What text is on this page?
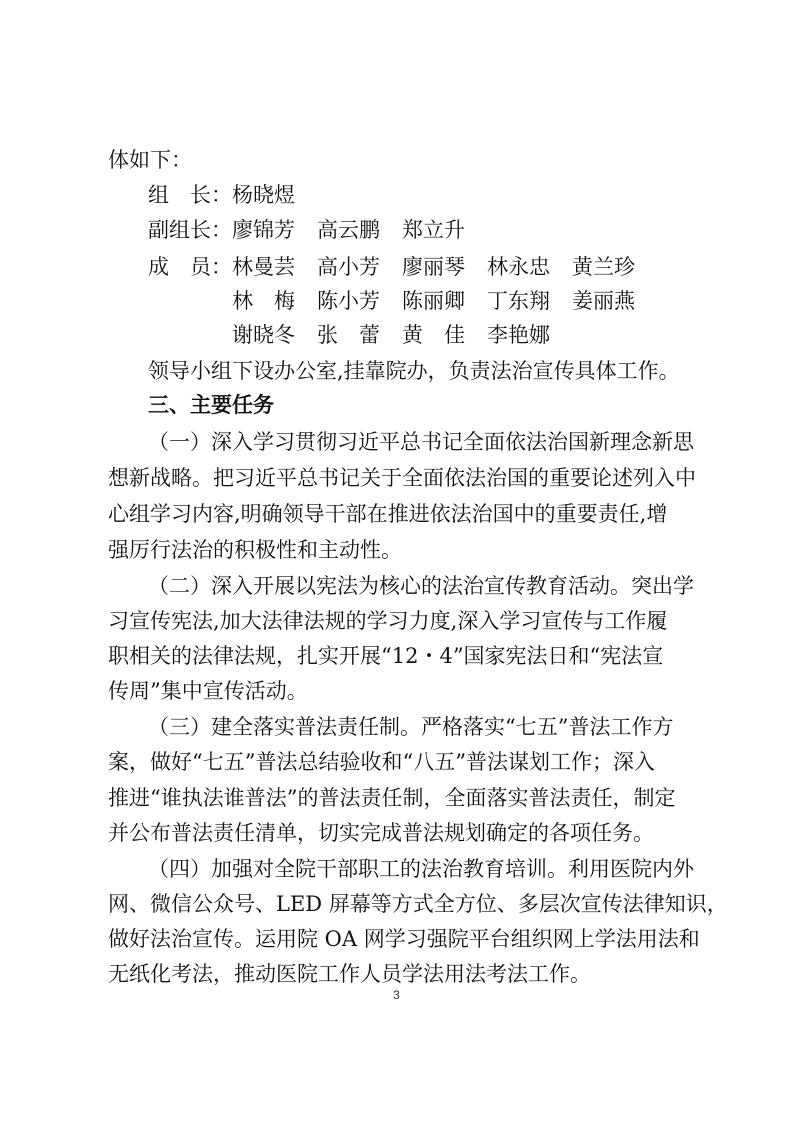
体如下：
组　长：杨晓煜
副组长：廖锦芳 高云鹏 郑立升
成　员：林曼芸 高小芳 廖丽琴 林永忠 黄兰珍
林　梅 陈小芳 陈丽卿 丁东翔 姜丽燕
谢晓冬 张　蕾 黄　佳 李艳娜
领导小组下设办公室,挂靠院办，负责法治宣传具体工作。
三、主要任务
（一）深入学习贯彻习近平总书记全面依法治国新理念新思
想新战略。把习近平总书记关于全面依法治国的重要论述列入中
心组学习内容,明确领导干部在推进依法治国中的重要责任,增
强厉行法治的积极性和主动性。
（二）深入开展以宪法为核心的法治宣传教育活动。突出学
习宣传宪法,加大法律法规的学习力度,深入学习宣传与工作履
职相关的法律法规，扎实开展“12・4”国家宪法日和“宪法宣
传周”集中宣传活动。
（三）建全落实普法责任制。严格落实“七五”普法工作方
案，做好“七五”普法总结验收和“八五”普法谋划工作；深入
推进“谁执法谁普法”的普法责任制，全面落实普法责任，制定
并公布普法责任清单，切实完成普法规划确定的各项任务。
（四）加强对全院干部职工的法治教育培训。利用医院内外
网、微信公众号、LED 屏幕等方式全方位、多层次宣传法律知识，
做好法治宣传。运用院 OA 网学习强院平台组织网上学法用法和
无纸化考法，推动医院工作人员学法用法考法工作。
3
